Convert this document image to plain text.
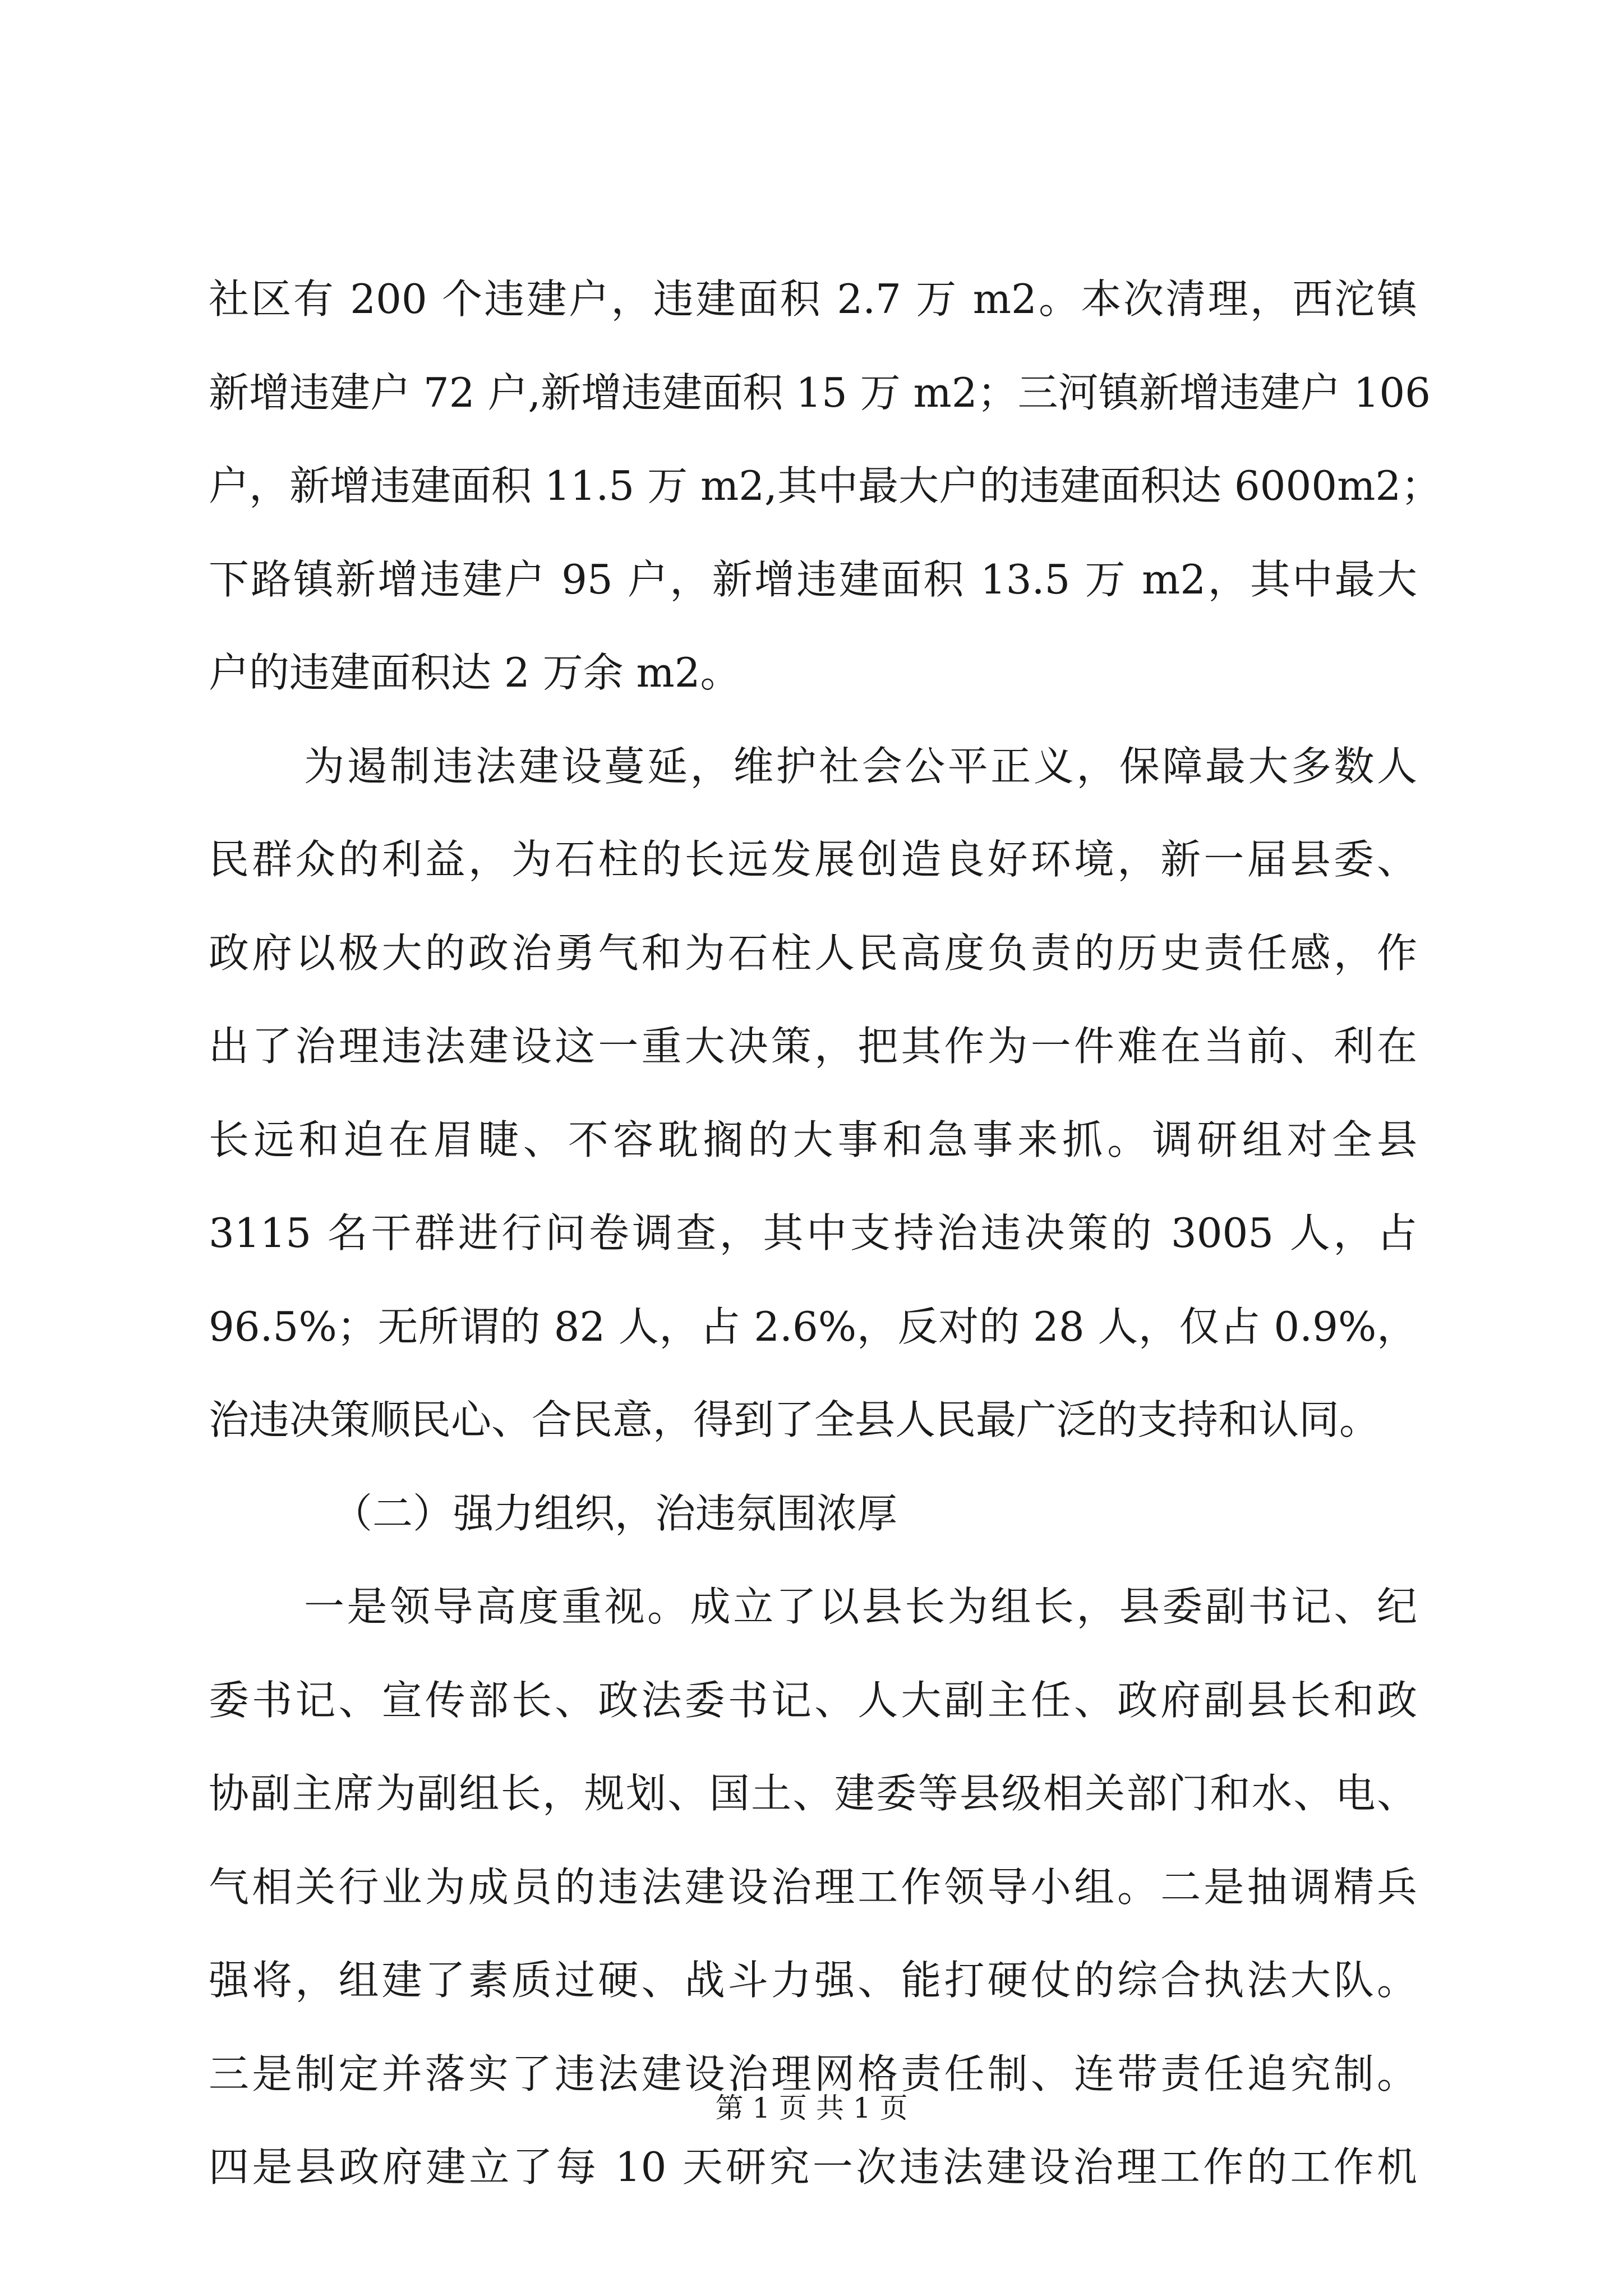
社区有 200 个违建户，违建面积 2.7 万 m2。本次清理，西沱镇
新增违建户 72 户,新增违建面积 15 万 m2；三河镇新增违建户 106
户，新增违建面积 11.5 万 m2,其中最大户的违建面积达 6000m2；
下路镇新增违建户 95 户，新增违建面积 13.5 万 m2，其中最大
户的违建面积达 2 万余 m2。
为遏制违法建设蔓延，维护社会公平正义，保障最大多数人
民群众的利益，为石柱的长远发展创造良好环境，新一届县委、
政府以极大的政治勇气和为石柱人民高度负责的历史责任感，作
出了治理违法建设这一重大决策，把其作为一件难在当前、利在
长远和迫在眉睫、不容耽搁的大事和急事来抓。调研组对全县
3115 名干群进行问卷调查，其中支持治违决策的 3005 人，占
96.5%；无所谓的 82 人，占 2.6%，反对的 28 人，仅占 0.9%，
治违决策顺民心、合民意，得到了全县人民最广泛的支持和认同。
（二）强力组织，治违氛围浓厚
一是领导高度重视。成立了以县长为组长，县委副书记、纪
委书记、宣传部长、政法委书记、人大副主任、政府副县长和政
协副主席为副组长，规划、国土、建委等县级相关部门和水、电、
气相关行业为成员的违法建设治理工作领导小组。二是抽调精兵
强将，组建了素质过硬、战斗力强、能打硬仗的综合执法大队。
三是制定并落实了违法建设治理网格责任制、连带责任追究制。
四是县政府建立了每 10 天研究一次违法建设治理工作的工作机
第 1 页 共 1 页
